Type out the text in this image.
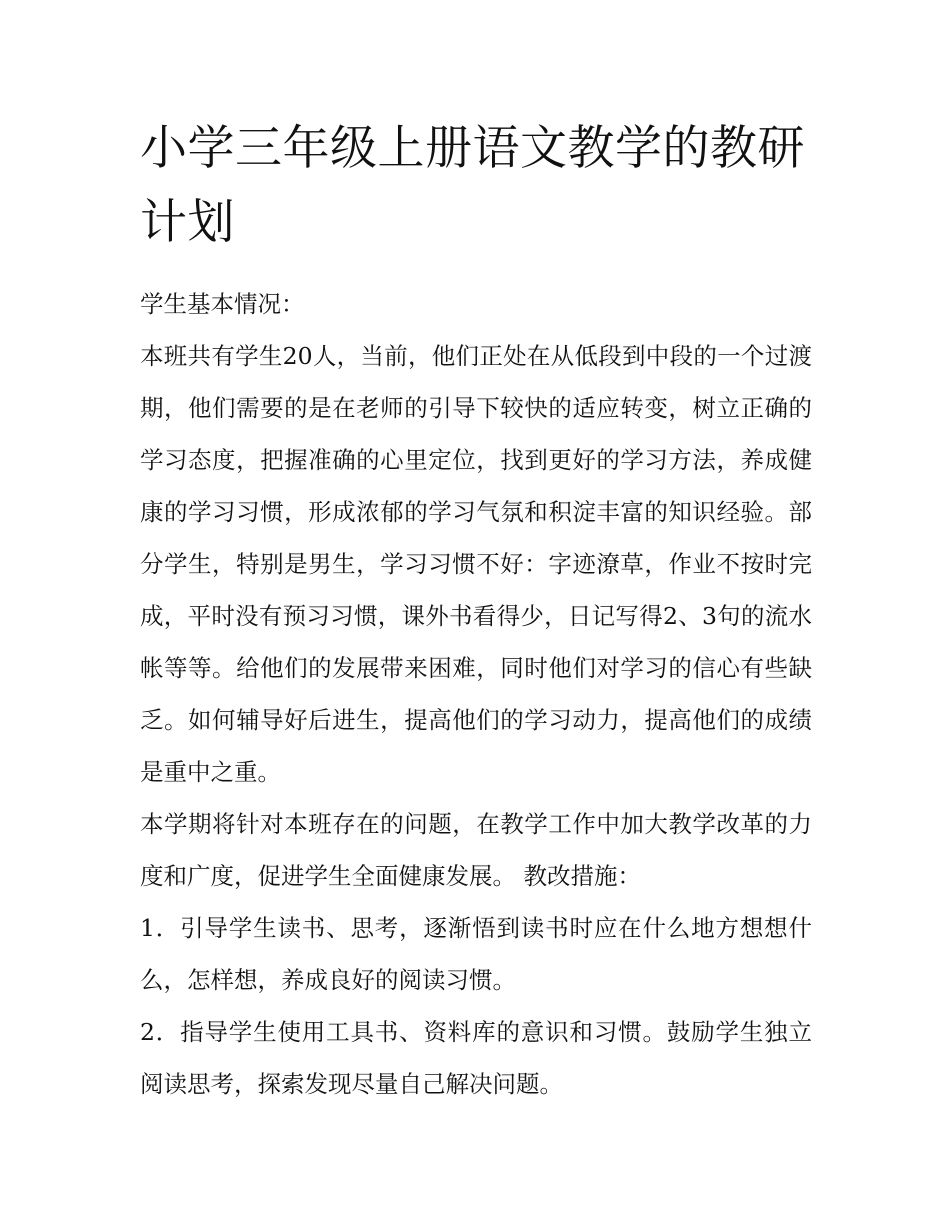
小学三年级上册语文教学的教研计划

学生基本情况：

本班共有学生20人，当前，他们正处在从低段到中段的一个过渡期，他们需要的是在老师的引导下较快的适应转变，树立正确的学习态度，把握准确的心里定位，找到更好的学习方法，养成健康的学习习惯，形成浓郁的学习气氛和积淀丰富的知识经验。部分学生，特别是男生，学习习惯不好：字迹潦草，作业不按时完成，平时没有预习习惯，课外书看得少，日记写得2、3句的流水帐等等。给他们的发展带来困难，同时他们对学习的信心有些缺乏。如何辅导好后进生，提高他们的学习动力，提高他们的成绩是重中之重。

本学期将针对本班存在的问题，在教学工作中加大教学改革的力度和广度，促进学生全面健康发展。 教改措施：

1．引导学生读书、思考，逐渐悟到读书时应在什么地方想想什么，怎样想，养成良好的阅读习惯。

2．指导学生使用工具书、资料库的意识和习惯。鼓励学生独立阅读思考，探索发现尽量自己解决问题。
